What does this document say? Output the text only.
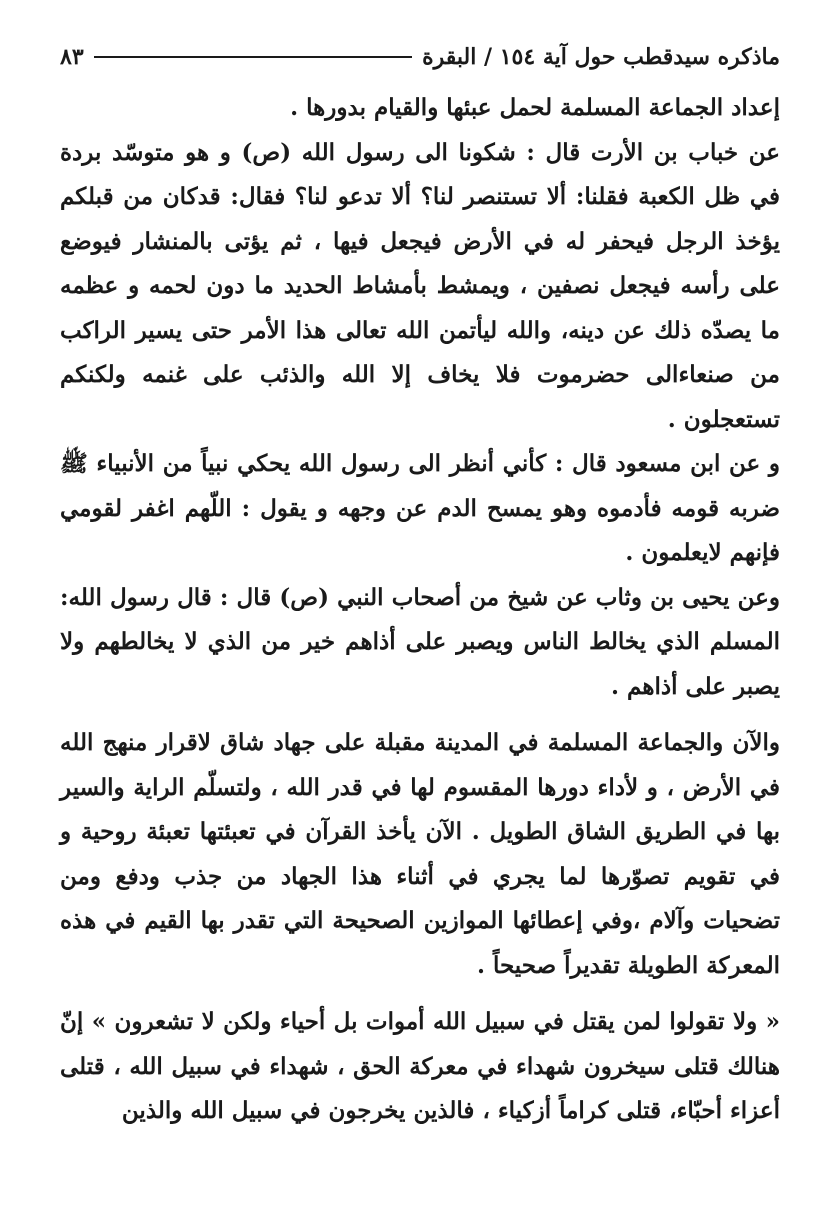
ماذكره سيدقطب حول آية ١٥٤ / البقرة
٨٣

إعداد الجماعة المسلمة لحمل عبئها والقيام بدورها .

عن خباب بن الأرت قال : شكونا الى رسول الله (ص) و هو متوسّد بردة في ظل الكعبة فقلنا: ألا تستنصر لنا؟ ألا تدعو لنا؟ فقال: قدكان من قبلكم يؤخذ الرجل فيحفر له في الأرض فيجعل فيها ، ثم يؤتى بالمنشار فيوضع على رأسه فيجعل نصفين ، ويمشط بأمشاط الحديد ما دون لحمه و عظمه ما يصدّه ذلك عن دينه، والله ليأتمن الله تعالى هذا الأمر حتى يسير الراكب من صنعاءالى حضرموت فلا يخاف إلا الله والذئب على غنمه ولكنكم تستعجلون .

و عن ابن مسعود قال : كأني أنظر الى رسول الله يحكي نبياً من الأنبياء ﷺ ضربه قومه فأدموه وهو يمسح الدم عن وجهه و يقول : اللّهم اغفر لقومي فإنهم لايعلمون .

وعن يحيى بن وثاب عن شيخ من أصحاب النبي (ص) قال : قال رسول الله: المسلم الذي يخالط الناس ويصبر على أذاهم خير من الذي لا يخالطهم ولا يصبر على أذاهم .

والآن والجماعة المسلمة في المدينة مقبلة على جهاد شاق لاقرار منهج الله في الأرض ، و لأداء دورها المقسوم لها في قدر الله ، ولتسلّم الراية والسير بها في الطريق الشاق الطويل . الآن يأخذ القرآن في تعبئتها تعبئة روحية و في تقويم تصوّرها لما يجري في أثناء هذا الجهاد من جذب ودفع ومن تضحيات وآلام ،وفي إعطائها الموازين الصحيحة التي تقدر بها القيم في هذه المعركة الطويلة تقديراً صحيحاً .

« ولا تقولوا لمن يقتل في سبيل الله أموات بل أحياء ولكن لا تشعرون » إنّ هنالك قتلى سيخرون شهداء في معركة الحق ، شهداء في سبيل الله ، قتلى أعزاء أحبّاء، قتلى كراماً أزكياء ، فالذين يخرجون في سبيل الله والذين
